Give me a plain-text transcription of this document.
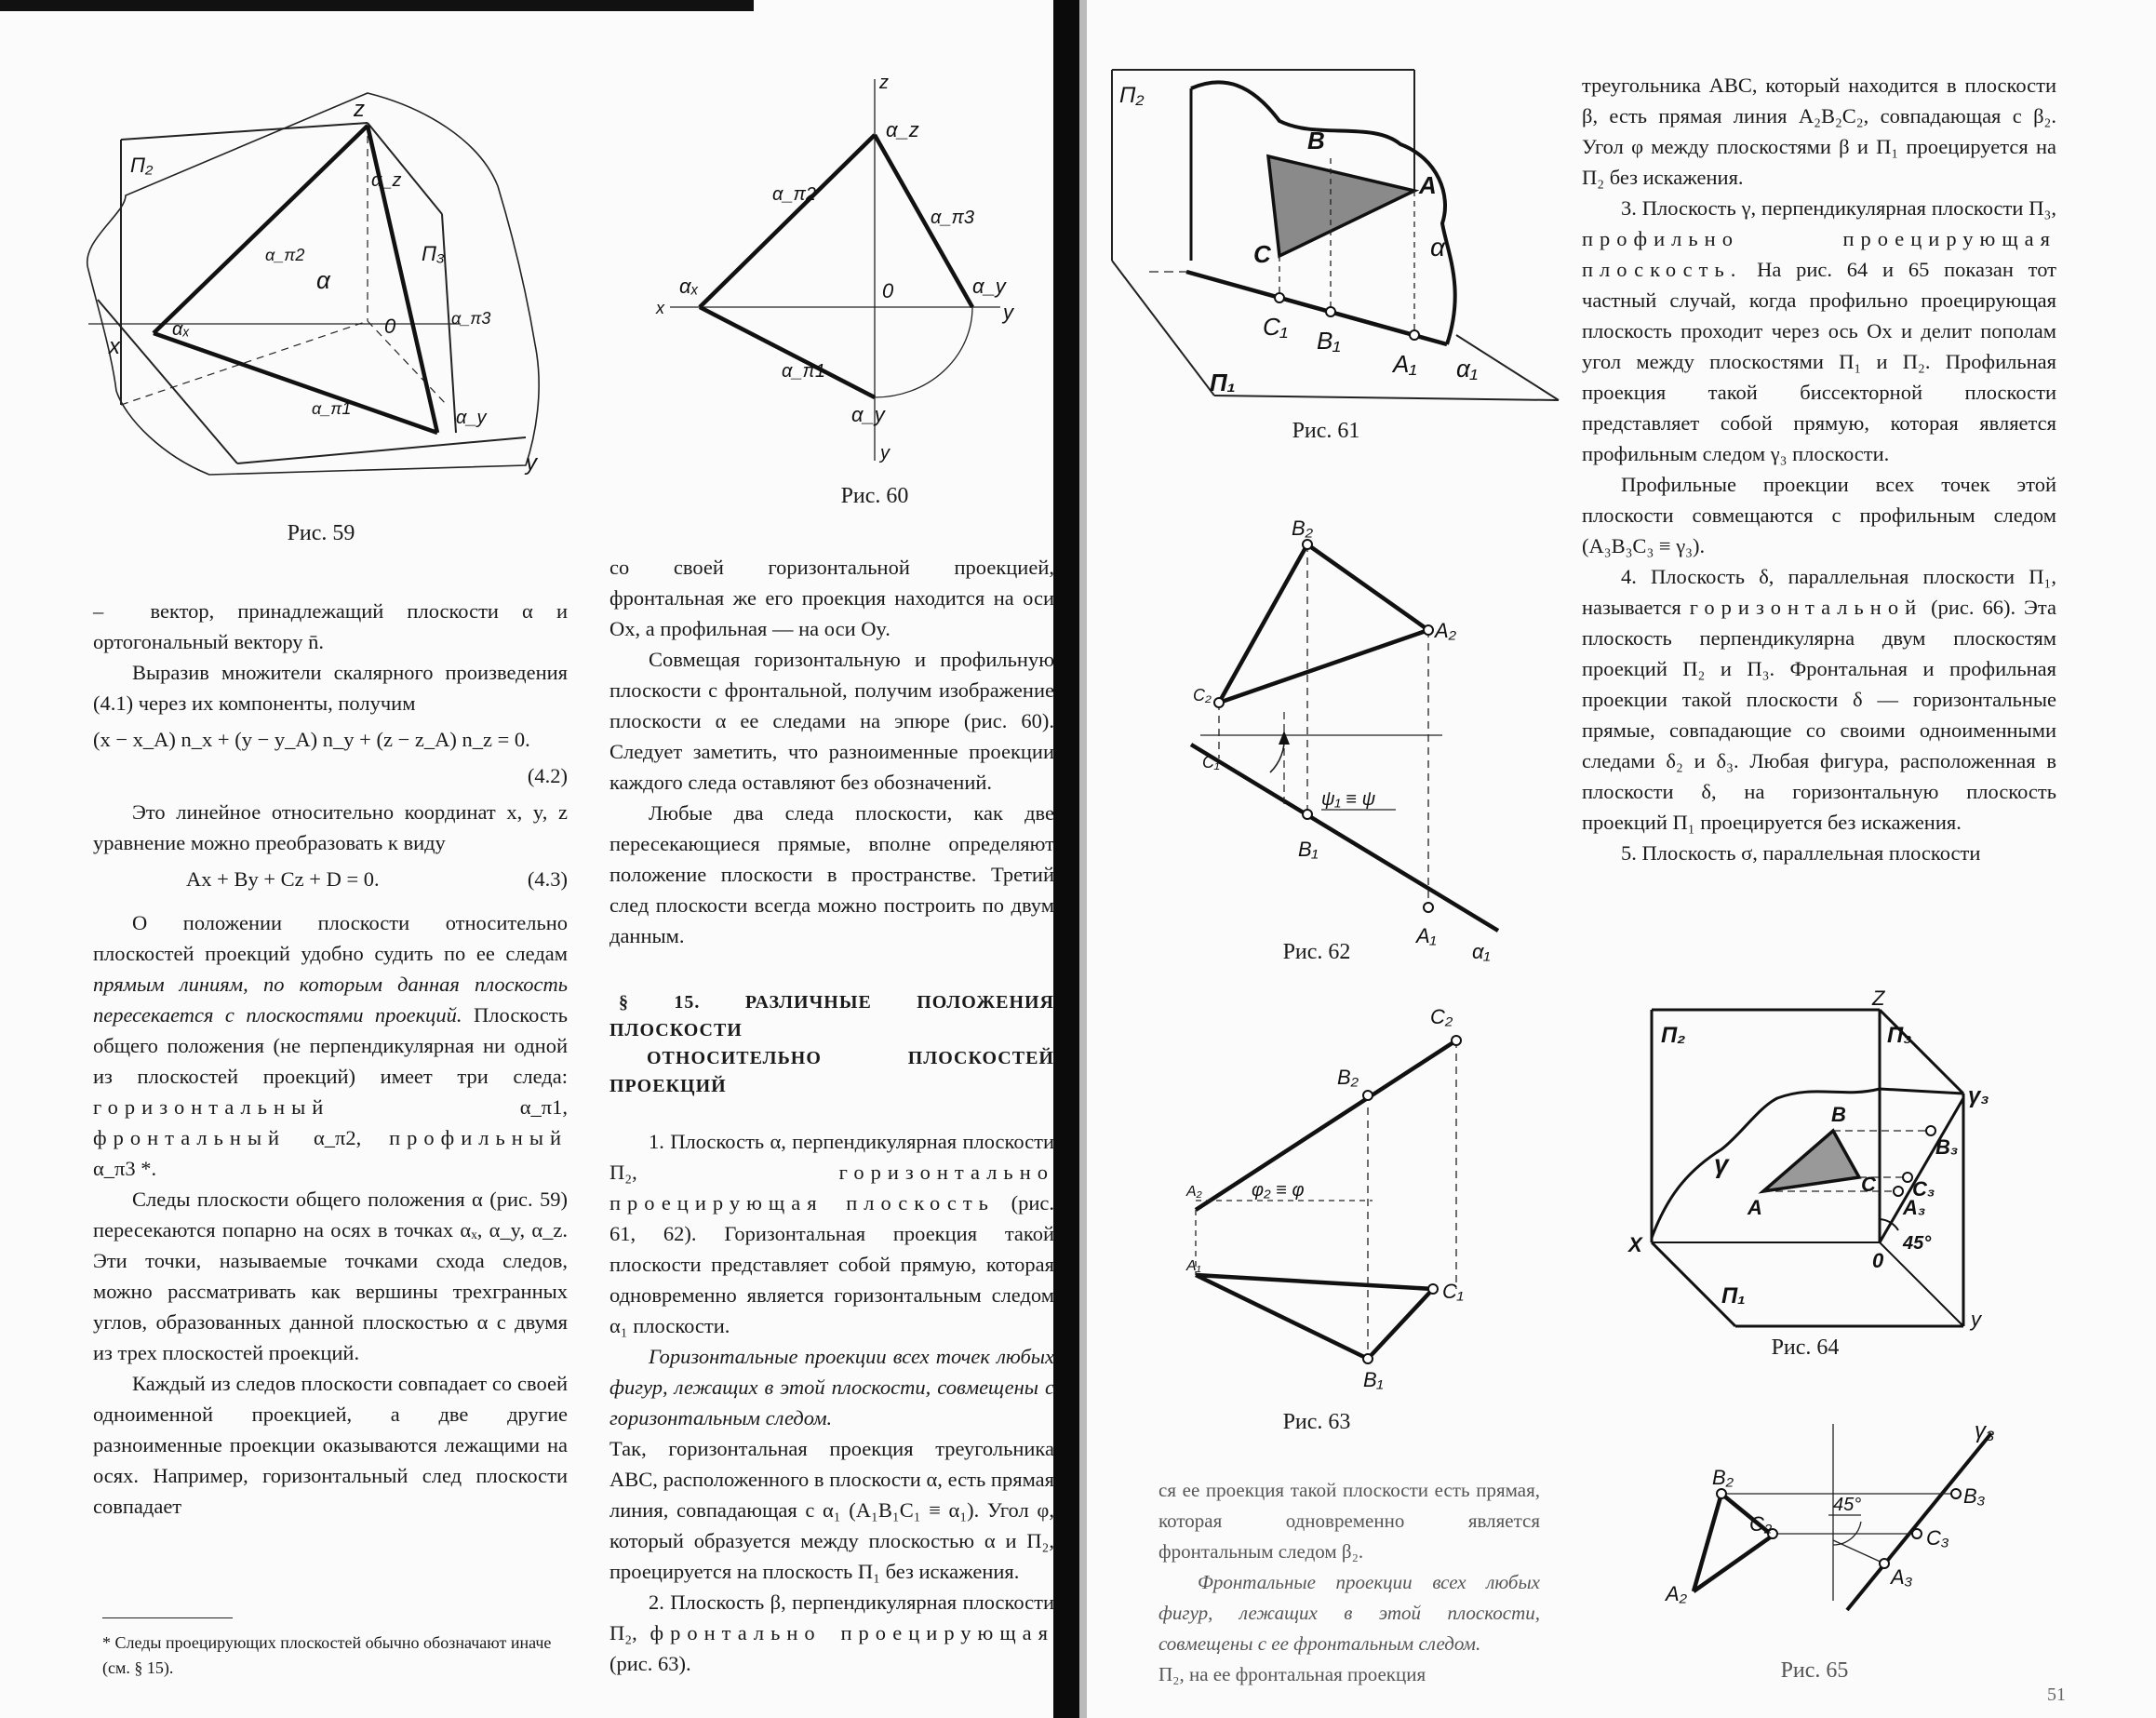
Π₂
Π₃
z
α
0
x
y
αₓ
α_z
α_y
α_π1
α_π2
α_π3
Рис. 59
z
α_z
α_π2
α_π3
αₓ
x
0	α_y
y
α_π1
α_y
y
Рис. 60

–  вектор, принадлежащий плоскости α и ортогональный вектору n̄.

Выразив множители скалярного произведения (4.1) через их компоненты, получим

(x − x_A) n_x + (y − y_A) n_y + (z − z_A) n_z = 0.
(4.2)

Это линейное относительно координат x, y, z уравнение можно преобразовать к виду

Ax + By + Cz + D = 0.	(4.3)

О положении плоскости относительно плоскостей проекций удобно судить по ее следам прямым линиям, по которым данная плоскость пересекается с плоскостями проекций. Плоскость общего положения (не перпендикулярная ни одной из плоскостей проекций) имеет три следа: горизонтальный	α_π1, фронтальный α_π2, профильный α_π3 *.

Следы плоскости общего положения α (рис. 59) пересекаются попарно на осях в точках αₓ, α_y, α_z. Эти точки, называемые точками схода следов, можно рассматривать как вершины трехгранных углов, образованных данной плоскостью α с двумя из трех плоскостей проекций.

Каждый из следов плоскости совпадает со своей одноименной проекцией, а две другие разноименные проекции оказываются лежащими на осях. Например, горизонтальный след плоскости совпадает

* Следы проецирующих плоскостей обычно обозначают иначе (см. § 15).

со своей горизонтальной проекцией, фронтальная же его проекция находится на оси Ox, а профильная — на оси Oy.

Совмещая горизонтальную и профильную плоскости с фронтальной, получим изображение плоскости α ее следами на эпюре (рис. 60). Следует заметить, что разноименные проекции каждого следа оставляют без обозначений.

Любые два следа плоскости, как две пересекающиеся прямые, вполне определяют положение плоскости в пространстве. Третий след плоскости всегда можно построить по двум данным.

§ 15. РАЗЛИЧНЫЕ ПОЛОЖЕНИЯ ПЛОСКОСТИ
ОТНОСИТЕЛЬНО ПЛОСКОСТЕЙ ПРОЕКЦИЙ

1. Плоскость α, перпендикулярная плоскости Π₂,	горизонтально проецирующая плоскость (рис. 61, 62). Горизонтальная проекция такой плоскости представляет собой прямую, которая одновременно является горизонтальным следом α₁ плоскости.

Горизонтальные проекции всех точек любых фигур, лежащих в этой плоскости, совмещены с горизонтальным следом.

Так, горизонтальная проекция треугольника ABC, расположенного в плоскости α, есть прямая линия, совпадающая с α₁ (A₁B₁C₁ ≡ α₁). Угол φ, который образуется между плоскостью α и Π₂, проецируется на плоскость Π₁ без искажения.

2. Плоскость β, перпендикулярная плоскости Π₂, фронтально проецирующая (рис. 63).

Π₂
B
A
C	α
C₁ B₁
A₁ α₁
Π₁
Рис. 61
ψ₁ ≡ ψ
B₂
A₂
C₂
C₁
B₁
A₁
α₁
Рис. 62
C₂
B₂
A₂	φ₂ ≡ φ
A₁
C₁
B₁
Рис. 63

ся ее проекция такой плоскости есть прямая, которая одновременно является фронтальным следом β₂.

Фронтальные проекции всех любых фигур, лежащих в этой плоскости, совмещены с ее фронтальным следом.

Π₂, на ее фронтальная проекция

треугольника ABC, который находится в плоскости β, есть прямая линия A₂B₂C₂, совпадающая с β₂. Угол φ между плоскостями β и Π₁ проецируется на Π₂ без искажения.

3. Плоскость γ, перпендикулярная плоскости Π₃, профильно проецирующая плоскость. На рис. 64 и 65 показан тот частный случай, когда профильно проецирующая плоскость проходит через ось Ox и делит пополам угол между плоскостями Π₁ и Π₂. Профильная проекция такой биссекторной плоскости представляет собой прямую, которая является профильным следом γ₃ плоскости.

Профильные проекции всех точек этой плоскости совмещаются с профильным следом (A₃B₃C₃ ≡ γ₃).

4. Плоскость δ, параллельная плоскости Π₁, называется горизонтальной (рис. 66). Эта плоскость перпендикулярна двум плоскостям проекций Π₂ и Π₃. Фронтальная и профильная проекции такой плоскости δ — горизонтальные прямые, совпадающие со своими одноименными следами δ₂ и δ₃. Любая фигура, расположенная в плоскости δ, на горизонтальную плоскость проекций Π₁ проецируется без искажения.

5. Плоскость σ, параллельная плоскости

Π₂
Z
Π₃
γ₃
B
B₃
γ
C C₃
A	A₃
X
0
45°
Π₁
y
Рис. 64
γ₃
B₂
B₃
45°
C₂
C₃
A₂
A₃
Рис. 65
51
